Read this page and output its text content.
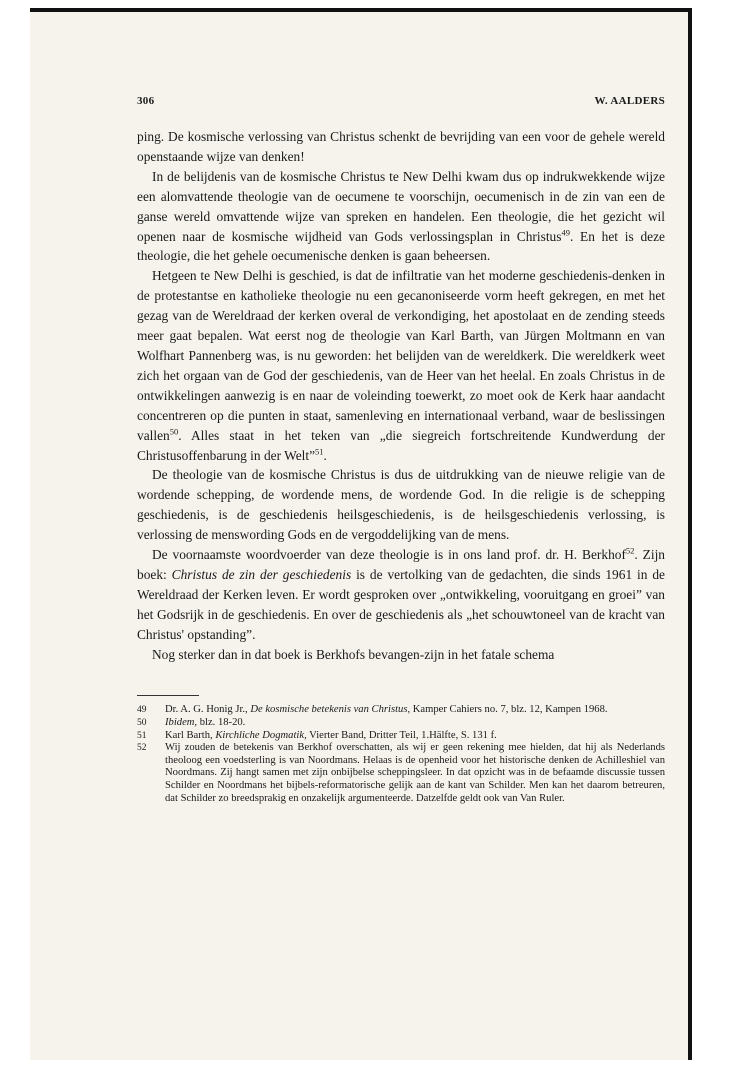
306	W. AALDERS

ping. De kosmische verlossing van Christus schenkt de bevrijding van een voor de gehele wereld openstaande wijze van denken!

In de belijdenis van de kosmische Christus te New Delhi kwam dus op indrukwekkende wijze een alomvattende theologie van de oecumene te voorschijn, oecumenisch in de zin van een de ganse wereld omvattende wijze van spreken en handelen. Een theologie, die het gezicht wil openen naar de kosmische wijdheid van Gods verlossingsplan in Christus$^{49}$. En het is deze theologie, die het gehele oecumenische denken is gaan beheersen.

Hetgeen te New Delhi is geschied, is dat de infiltratie van het moderne geschiedenis-denken in de protestantse en katholieke theologie nu een gecanoniseerde vorm heeft gekregen, en met het gezag van de Wereldraad der kerken overal de verkondiging, het apostolaat en de zending steeds meer gaat bepalen. Wat eerst nog de theologie van Karl Barth, van Jürgen Moltmann en van Wolfhart Pannenberg was, is nu geworden: het belijden van de wereldkerk. Die wereldkerk weet zich het orgaan van de God der geschiedenis, van de Heer van het heelal. En zoals Christus in de ontwikkelingen aanwezig is en naar de voleinding toewerkt, zo moet ook de Kerk haar aandacht concentreren op die punten in staat, samenleving en internationaal verband, waar de beslissingen vallen$^{50}$. Alles staat in het teken van „die siegreich fortschreitende Kundwerdung der Christusoffenbarung in der Welt”$^{51}$.

De theologie van de kosmische Christus is dus de uitdrukking van de nieuwe religie van de wordende schepping, de wordende mens, de wordende God. In die religie is de schepping geschiedenis, is de geschiedenis heilsgeschiedenis, is de heilsgeschiedenis verlossing, is verlossing de menswording Gods en de vergoddelijking van de mens.

De voornaamste woordvoerder van deze theologie is in ons land prof. dr. H. Berkhof$^{52}$. Zijn boek: Christus de zin der geschiedenis is de vertolking van de gedachten, die sinds 1961 in de Wereldraad der Kerken leven. Er wordt gesproken over „ontwikkeling, vooruitgang en groei” van het Godsrijk in de geschiedenis. En over de geschiedenis als „het schouwtoneel van de kracht van Christus' opstanding”.

Nog sterker dan in dat boek is Berkhofs bevangen-zijn in het fatale schema

49	Dr. A. G. Honig Jr., De kosmische betekenis van Christus, Kamper Cahiers no. 7, blz. 12, Kampen 1968.
50	Ibidem, blz. 18-20.
51	Karl Barth, Kirchliche Dogmatik, Vierter Band, Dritter Teil, 1.Hälfte, S. 131 f.
52	Wij zouden de betekenis van Berkhof overschatten, als wij er geen rekening mee hielden, dat hij als Nederlands theoloog een voedsterling is van Noordmans. Helaas is de openheid voor het historische denken de Achilleshiel van Noordmans. Zij hangt samen met zijn onbijbelse scheppingsleer. In dat opzicht was in de befaamde discussie tussen Schilder en Noordmans het bijbels-reformatorische gelijk aan de kant van Schilder. Men kan het daarom betreuren, dat Schilder zo breedsprakig en onzakelijk argumenteerde. Datzelfde geldt ook van Van Ruler.
